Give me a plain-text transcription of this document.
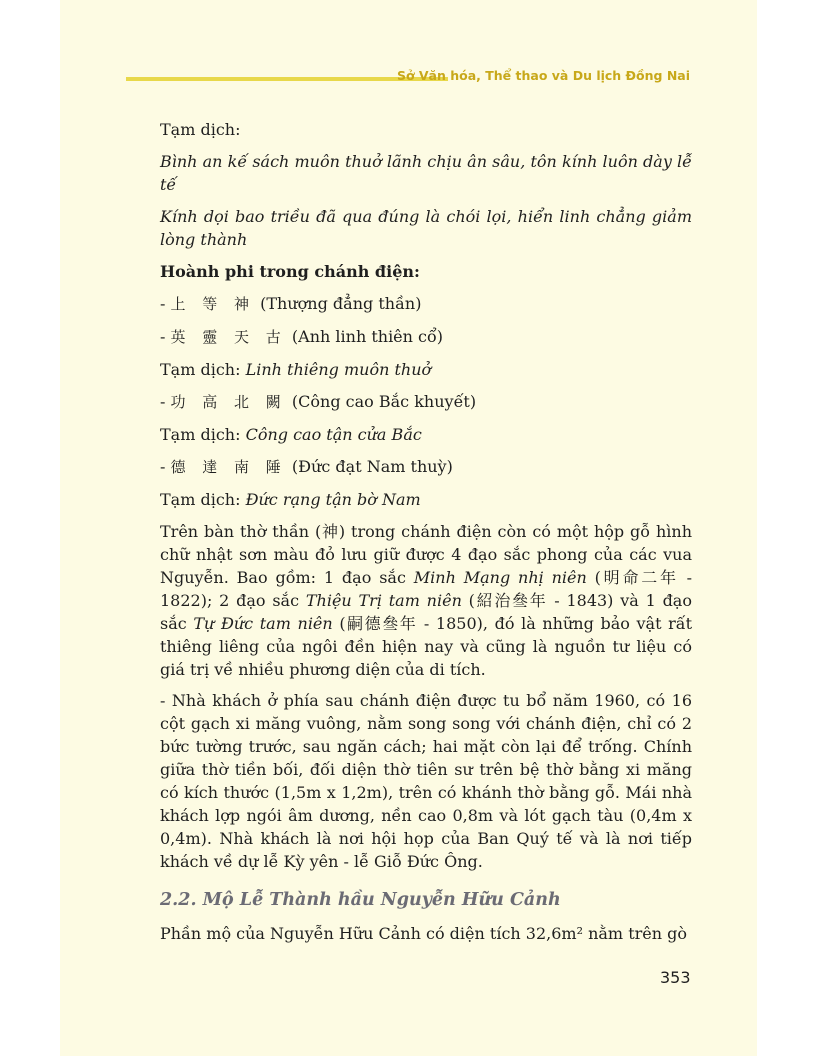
Sở Văn hóa, Thể thao và Du lịch Đồng Nai

Tạm dịch:

Bình an kế sách muôn thuở lãnh chịu ân sâu, tôn kính luôn dày lễ tế

Kính dọi bao triều đã qua đúng là chói lọi, hiển linh chẳng giảm lòng thành

Hoành phi trong chánh điện:

- 上 等 神 (Thượng đẳng thần)

- 英 靈 天 古 (Anh linh thiên cổ)

Tạm dịch: Linh thiêng muôn thuở

- 功 高 北 闕 (Công cao Bắc khuyết)

Tạm dịch: Công cao tận cửa Bắc

- 德 達 南 陲 (Đức đạt Nam thuỳ)

Tạm dịch: Đức rạng tận bờ Nam

Trên bàn thờ thần (神) trong chánh điện còn có một hộp gỗ hình chữ nhật sơn màu đỏ lưu giữ được 4 đạo sắc phong của các vua Nguyễn. Bao gồm: 1 đạo sắc Minh Mạng nhị niên (明命二年 - 1822); 2 đạo sắc Thiệu Trị tam niên (紹治叄年 - 1843) và 1 đạo sắc Tự Đức tam niên (嗣德叄年 - 1850), đó là những bảo vật rất thiêng liêng của ngôi đền hiện nay và cũng là nguồn tư liệu có giá trị về nhiều phương diện của di tích.

- Nhà khách ở phía sau chánh điện được tu bổ năm 1960, có 16 cột gạch xi măng vuông, nằm song song với chánh điện, chỉ có 2 bức tường trước, sau ngăn cách; hai mặt còn lại để trống. Chính giữa thờ tiền bối, đối diện thờ tiên sư trên bệ thờ bằng xi măng có kích thước (1,5m x 1,2m), trên có khánh thờ bằng gỗ. Mái nhà khách lợp ngói âm dương, nền cao 0,8m và lót gạch tàu (0,4m x 0,4m). Nhà khách là nơi hội họp của Ban Quý tế và là nơi tiếp khách về dự lễ Kỳ yên - lễ Giỗ Đức Ông.

2.2. Mộ Lễ Thành hầu Nguyễn Hữu Cảnh

Phần mộ của Nguyễn Hữu Cảnh có diện tích 32,6m² nằm trên gò

353
